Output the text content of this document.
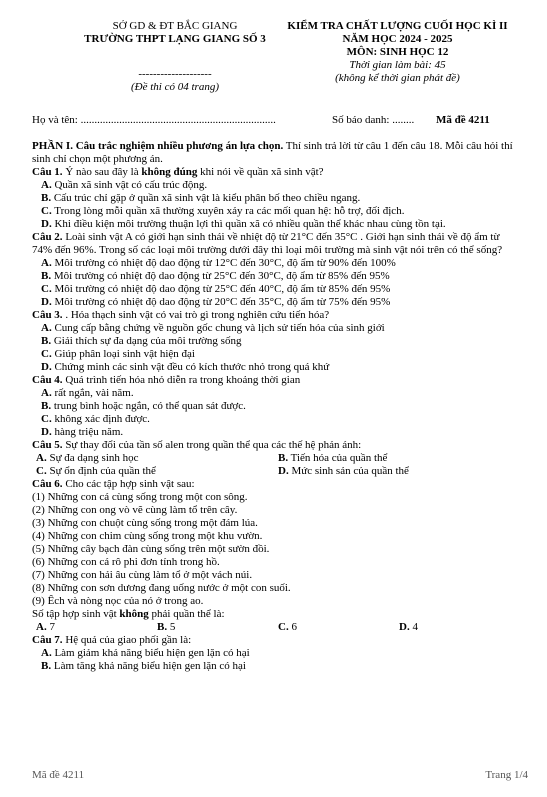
SỞ GD & ĐT BẮC GIANG
TRƯỜNG THPT LẠNG GIANG SỐ 3
--------------------
(Đề thi có 04 trang)
KIỂM TRA CHẤT LƯỢNG CUỐI HỌC KÌ II
NĂM HỌC 2024 - 2025
MÔN: SINH HỌC 12
Thời gian làm bài: 45
(không kể thời gian phát đề)
Họ và tên: .......................................................................	Số báo danh: ........ Mã đề 4211
PHẦN I. Câu trắc nghiệm nhiều phương án lựa chọn. Thí sinh trả lời từ câu 1 đến câu 18. Mỗi câu hỏi thí sinh chỉ chọn một phương án.
Câu 1. Ý nào sau đây là không đúng khi nói về quần xã sinh vật?
A. Quần xã sinh vật có cấu trúc động.
B. Cấu trúc chỉ gặp ở quần xã sinh vật là kiểu phân bố theo chiều ngang.
C. Trong lòng mỗi quần xã thường xuyên xảy ra các mối quan hệ: hỗ trợ, đối địch.
D. Khi điều kiện môi trường thuận lợi thì quần xã có nhiều quần thể khác nhau cùng tồn tại.
Câu 2. Loài sinh vật A có giới hạn sinh thái về nhiệt độ từ 21°C đến 35°C . Giới hạn sinh thái về độ ẩm từ 74% đến 96%. Trong số các loại môi trường dưới đây thì loại môi trường mà sinh vật nói trên có thể sống?
A. Môi trường có nhiệt độ dao động từ 12°C đến 30°C, độ ẩm từ 90% đến 100%
B. Môi trường có nhiệt độ dao động từ 25°C đến 30°C, độ ẩm từ 85% đến 95%
C. Môi trường có nhiệt độ dao động từ 25°C đến 40°C, độ ẩm từ 85% đến 95%
D. Môi trường có nhiệt độ dao động từ 20°C đến 35°C, độ ẩm từ 75% đến 95%
Câu 3. . Hóa thạch sinh vật có vai trò gì trong nghiên cứu tiến hóa?
A. Cung cấp bằng chứng về nguồn gốc chung và lịch sử tiến hóa của sinh giới
B. Giải thích sự đa dạng của môi trường sống
C. Giúp phân loại sinh vật hiện đại
D. Chứng minh các sinh vật đều có kích thước nhỏ trong quá khứ
Câu 4. Quá trình tiến hóa nhỏ diễn ra trong khoảng thời gian
A. rất ngắn, vài năm.
B. trung bình hoặc ngắn, có thể quan sát được.
C. không xác định được.
D. hàng triệu năm.
Câu 5. Sự thay đổi của tần số alen trong quần thể qua các thế hệ phản ánh:
A. Sự đa dạng sinh học	B. Tiến hóa của quần thể
C. Sự ổn định của quần thể	D. Mức sinh sản của quần thể
Câu 6. Cho các tập hợp sinh vật sau:
(1) Những con cá cùng sống trong một con sông.
(2) Những con ong vò vẽ cùng làm tổ trên cây.
(3) Những con chuột cùng sống trong một đám lúa.
(4) Những con chim cùng sống trong một khu vườn.
(5) Những cây bạch đàn cùng sống trên một sườn đồi.
(6) Những con cá rô phi đơn tính trong hồ.
(7) Những con hải âu cùng làm tổ ở một vách núi.
(8) Những con sơn dương đang uống nước ở một con suối.
(9) Ếch và nòng nọc của nó ở trong ao.
Số tập hợp sinh vật không phải quần thể là:
A. 7	B. 5	C. 6	D. 4
Câu 7. Hệ quả của giao phối gần là:
A. Làm giảm khả năng biểu hiện gen lặn có hại
B. Làm tăng khả năng biểu hiện gen lặn có hại
Mã đề 4211	Trang 1/4
